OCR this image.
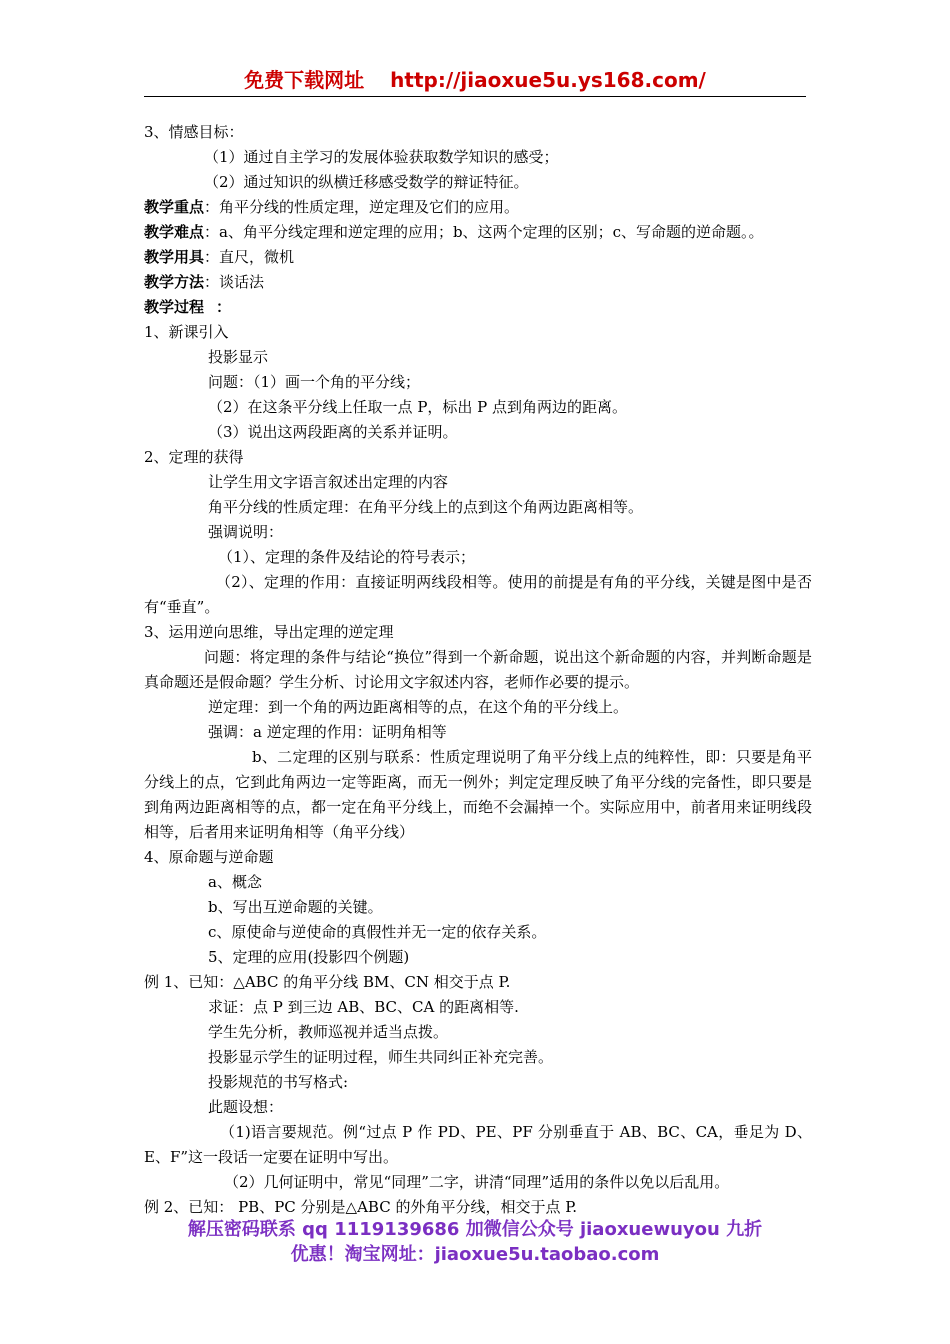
免费下载网址 http://jiaoxue5u.ys168.com/

3、情感目标：

（1）通过自主学习的发展体验获取数学知识的感受；

（2）通过知识的纵横迁移感受数学的辩证特征。

教学重点：角平分线的性质定理，逆定理及它们的应用。

教学难点：a、角平分线定理和逆定理的应用；b、这两个定理的区别；c、写命题的逆命题。。

教学用具：直尺，微机

教学方法：谈话法

教学过程 ：

1、新课引入

投影显示

问题：（1）画一个角的平分线；

（2）在这条平分线上任取一点 P，标出 P 点到角两边的距离。

（3）说出这两段距离的关系并证明。

2、定理的获得

让学生用文字语言叙述出定理的内容

角平分线的性质定理：在角平分线上的点到这个角两边距离相等。

强调说明：

（1）、定理的条件及结论的符号表示；

（2）、定理的作用：直接证明两线段相等。使用的前提是有角的平分线，关键是图中是否有“垂直”。

3、运用逆向思维，导出定理的逆定理

问题：将定理的条件与结论“换位”得到一个新命题，说出这个新命题的内容，并判断命题是真命题还是假命题？学生分析、讨论用文字叙述内容，老师作必要的提示。

逆定理：到一个角的两边距离相等的点，在这个角的平分线上。

强调：a 逆定理的作用：证明角相等

b、二定理的区别与联系：性质定理说明了角平分线上点的纯粹性，即：只要是角平分线上的点，它到此角两边一定等距离，而无一例外；判定定理反映了角平分线的完备性，即只要是到角两边距离相等的点，都一定在角平分线上，而绝不会漏掉一个。实际应用中，前者用来证明线段相等，后者用来证明角相等（角平分线）

4、原命题与逆命题

a、概念

b、写出互逆命题的关键。

c、原使命与逆使命的真假性并无一定的依存关系。

5、定理的应用(投影四个例题)

例 1、已知：△ABC 的角平分线 BM、CN 相交于点 P.

求证：点 P 到三边 AB、BC、CA 的距离相等.

学生先分析，教师巡视并适当点拨。

投影显示学生的证明过程，师生共同纠正补充完善。

投影规范的书写格式:

此题设想：

（1)语言要规范。例“过点 P 作 PD、PE、PF 分别垂直于 AB、BC、CA，垂足为 D、E、F”这一段话一定要在证明中写出。

（2）几何证明中，常见“同理”二字，讲清“同理”适用的条件以免以后乱用。

例 2、已知： PB、PC 分别是△ABC 的外角平分线，相交于点 P.

解压密码联系 qq 1119139686 加微信公众号 jiaoxuewuyou 九折
优惠！淘宝网址：jiaoxue5u.taobao.com
